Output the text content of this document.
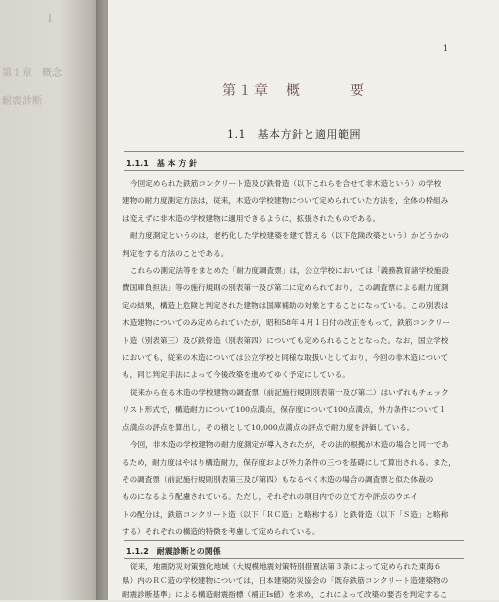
Ⅰ
第１章　概念
耐震診断
1
第１章　概　　　要
1.1　基本方針と適用範囲
1.1.1　基 本 方 針
今回定められた鉄筋コンクリート造及び鉄骨造（以下これらを合せて非木造という）の学校
建物の耐力度測定方法は，従来，木造の学校建物について定められていた方法を，全体の枠組み
は変えずに非木造の学校建物に適用できるように，拡張されたものである。
耐力度測定というのは，老朽化した学校建築を建て替える（以下危険改築という）かどうかの
判定をする方法のことである。
これらの測定法等をまとめた「耐力度調査票」は，公立学校においては「義務教育諸学校施設
費国庫負担法」等の施行規則の別表第一及び第二に定められており，この調査票による耐力度測
定の結果，構造上危険と判定された建物は国庫補助の対象とすることになっている。この別表は
木造建物についてのみ定められていたが，昭和58年４月１日付の改正をもって，鉄筋コンクリー
ト造（別表第三）及び鉄骨造（別表第四）についても定められることとなった。なお，国立学校
においても，従来の木造については公立学校と同様な取扱いとしており，今回の非木造について
も，同じ判定手法によって今後改築を進めてゆく予定にしている。
従来から在る木造の学校建物の調査票（前記施行規則別表第一及び第二）はいずれもチェック
リスト形式で，構造耐力について100点満点，保存度について100点満点，外力条件について１
点満点の評点を算出し，その積として10,000点満点の評点で耐力度を評価している。
今回，非木造の学校建物の耐力度測定が導入されたが，その法的根拠が木造の場合と同一であ
るため，耐力度はやはり構造耐力，保存度および外力条件の三つを基礎にして算出される。また，
その調査票（前記施行規則別表第三及び第四）もなるべく木造の場合の調査票と似た体裁の
ものになるよう配慮されている。ただし，それぞれの項目内での立て方や評点のウエイ
トの配分は，鉄筋コンクリート造（以下「ＲＣ造」と略称する）と鉄骨造（以下「Ｓ造」と略称
する）それぞれの構造的特徴を考慮して定められている。
1.1.2　耐震診断との関係
従来，地震防災対策強化地域（大規模地震対策特別措置法第３条によって定められた東海６
県）内のＲＣ造の学校建物については，日本建築防災協会の「既存鉄筋コンクリート造建築物の
耐震診断基準」による構造耐震指標（補正Is値）を求め，これによって改築の要否を判定するこ
